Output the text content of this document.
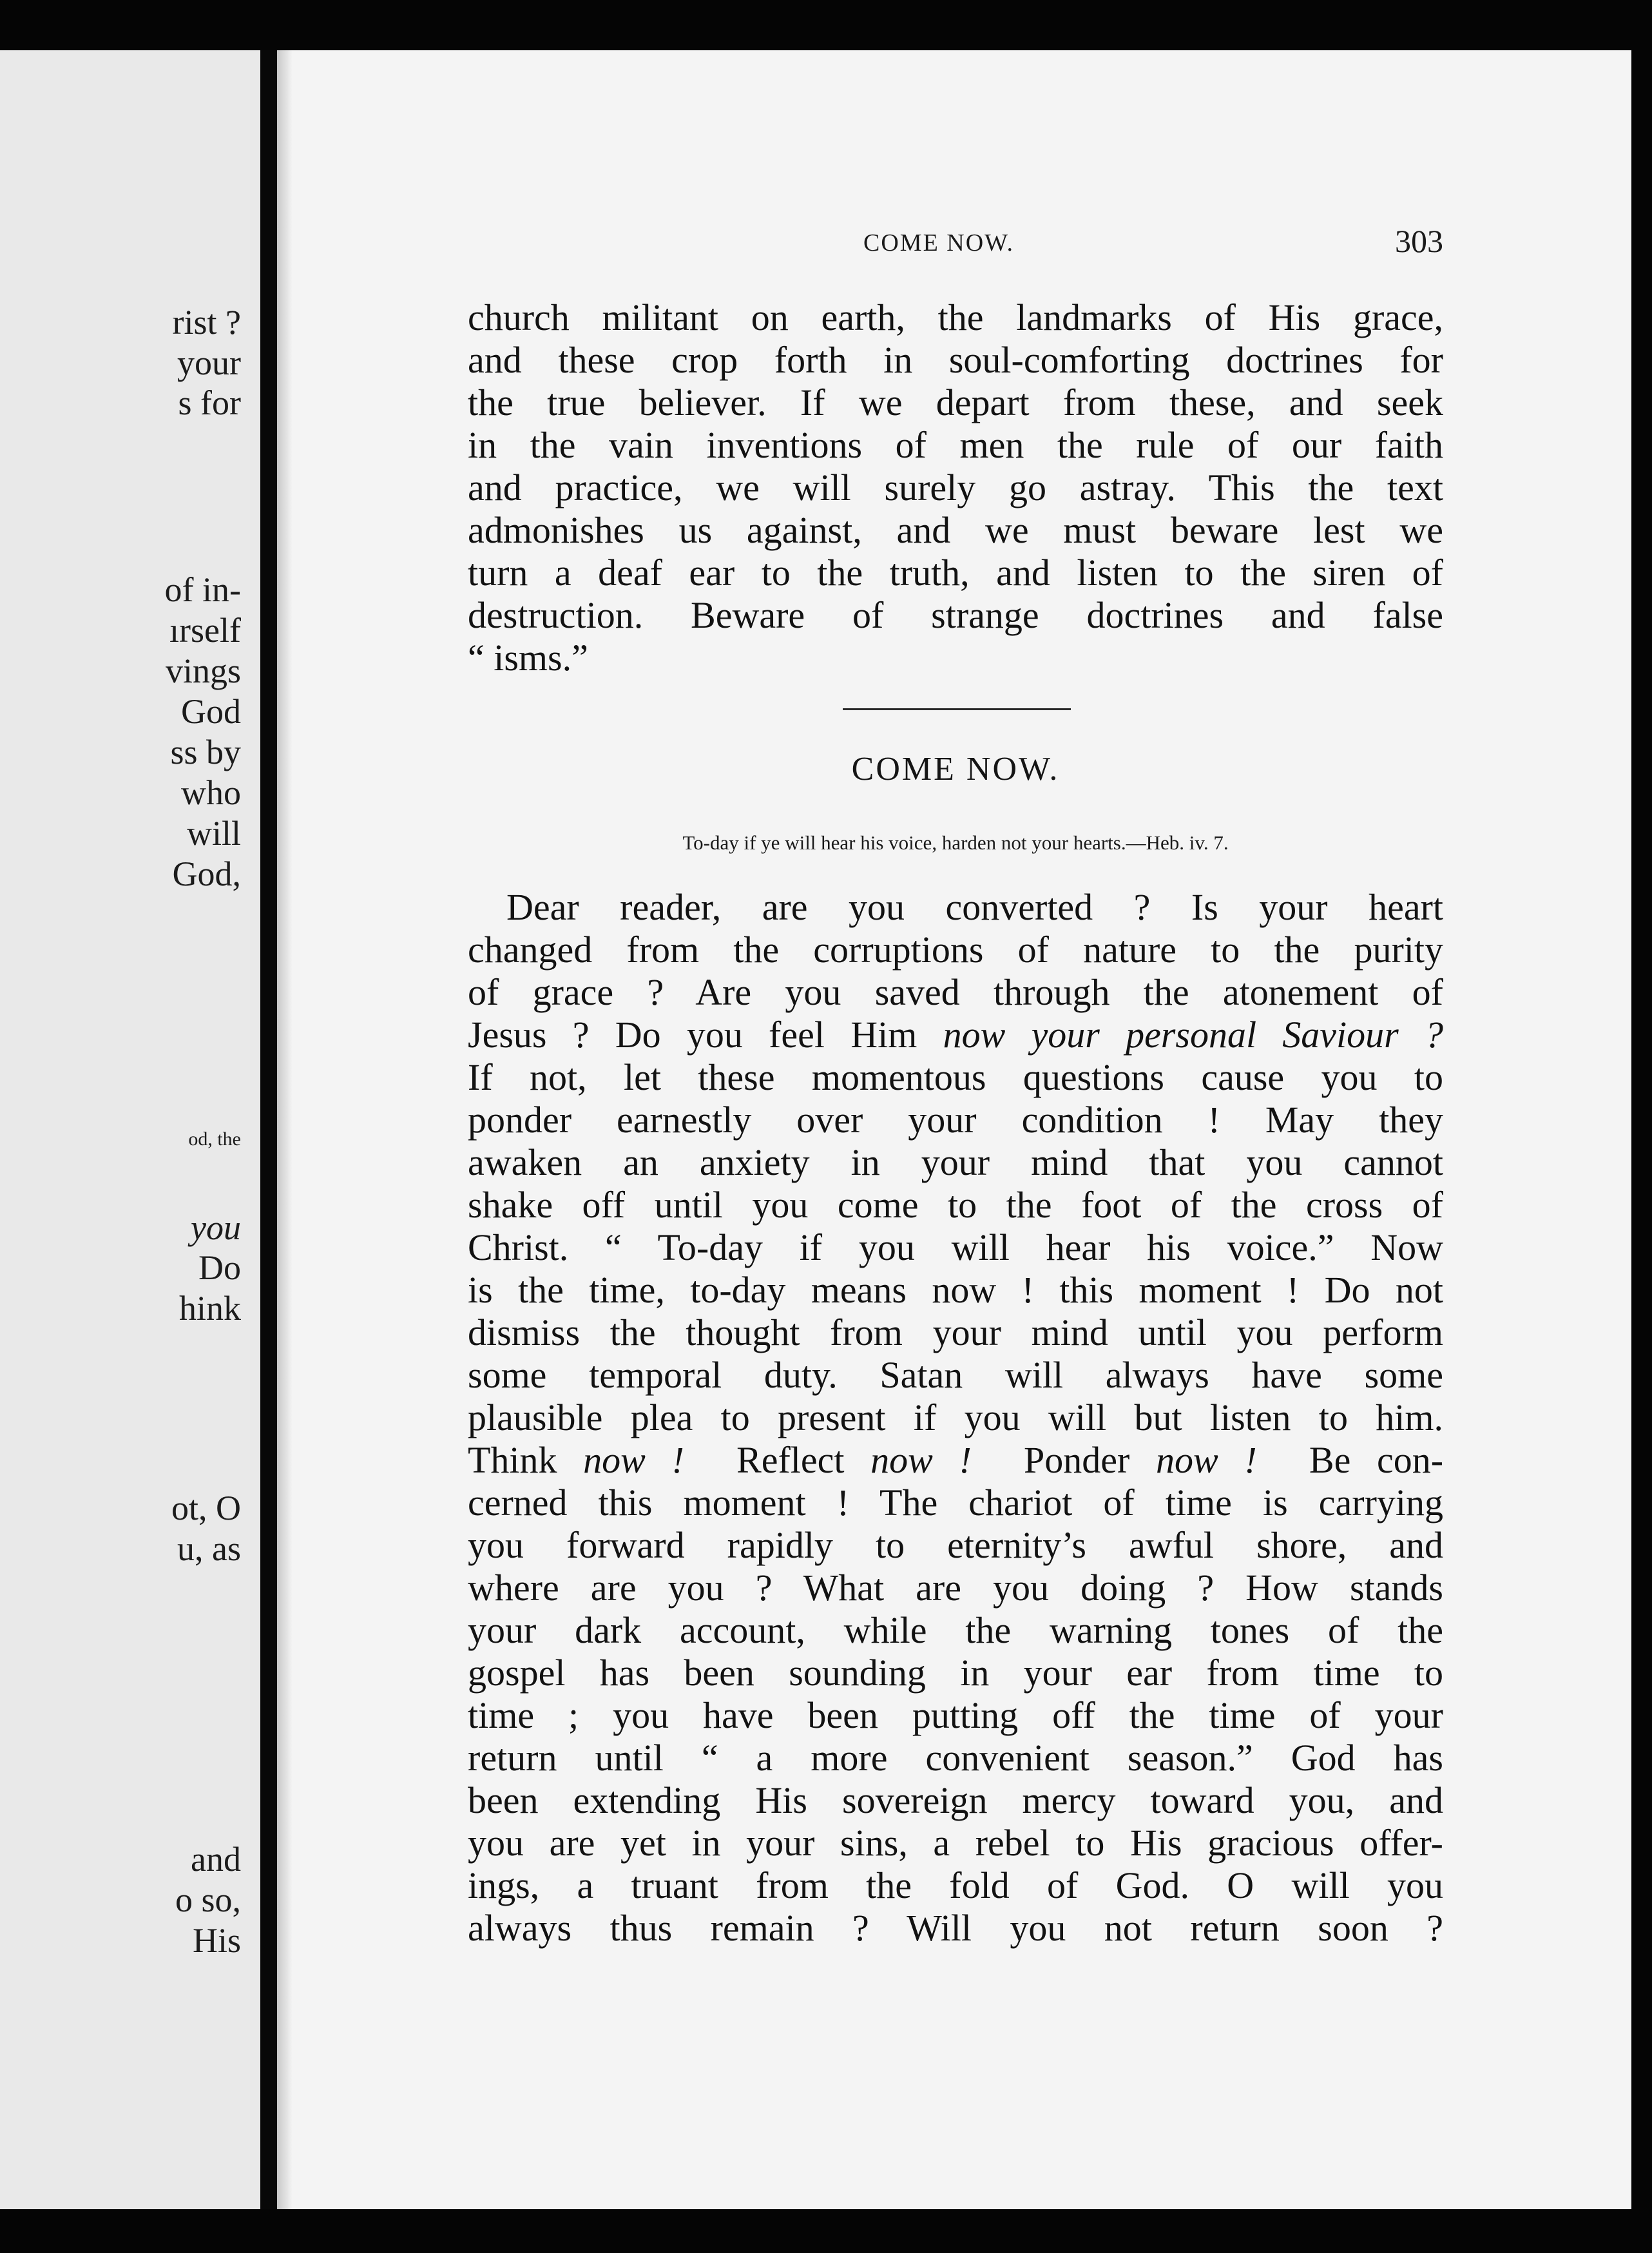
rist ?
your
s for
of in-
ırself
vings
God
ss by
who
will
God,
od, the
you
Do
hink
ot, O
u, as
and
o so,
His
COME NOW.	303
church militant on earth, the landmarks of His grace,
and these crop forth in soul-comforting doctrines for
the true believer. If we depart from these, and seek
in the vain inventions of men the rule of our faith
and practice, we will surely go astray. This the text
admonishes us against, and we must beware lest we
turn a deaf ear to the truth, and listen to the siren of
destruction. Beware of strange doctrines and false
“ isms.”
COME NOW.
To-day if ye will hear his voice, harden not your hearts.—Heb. iv. 7.
Dear reader, are you converted ? Is your heart
changed from the corruptions of nature to the purity
of grace ? Are you saved through the atonement of
Jesus ? Do you feel Him now your personal Saviour ?
If not, let these momentous questions cause you to
ponder earnestly over your condition ! May they
awaken an anxiety in your mind that you cannot
shake off until you come to the foot of the cross of
Christ. “ To-day if you will hear his voice.” Now
is the time, to-day means now ! this moment ! Do not
dismiss the thought from your mind until you perform
some temporal duty. Satan will always have some
plausible plea to present if you will but listen to him.
Think now !  Reflect now !  Ponder now !  Be con-
cerned this moment ! The chariot of time is carrying
you forward rapidly to eternity’s awful shore, and
where are you ? What are you doing ? How stands
your dark account, while the warning tones of the
gospel has been sounding in your ear from time to
time ; you have been putting off the time of your
return until “ a more convenient season.” God has
been extending His sovereign mercy toward you, and
you are yet in your sins, a rebel to His gracious offer-
ings, a truant from the fold of God. O will you
always thus remain ? Will you not return soon ?
